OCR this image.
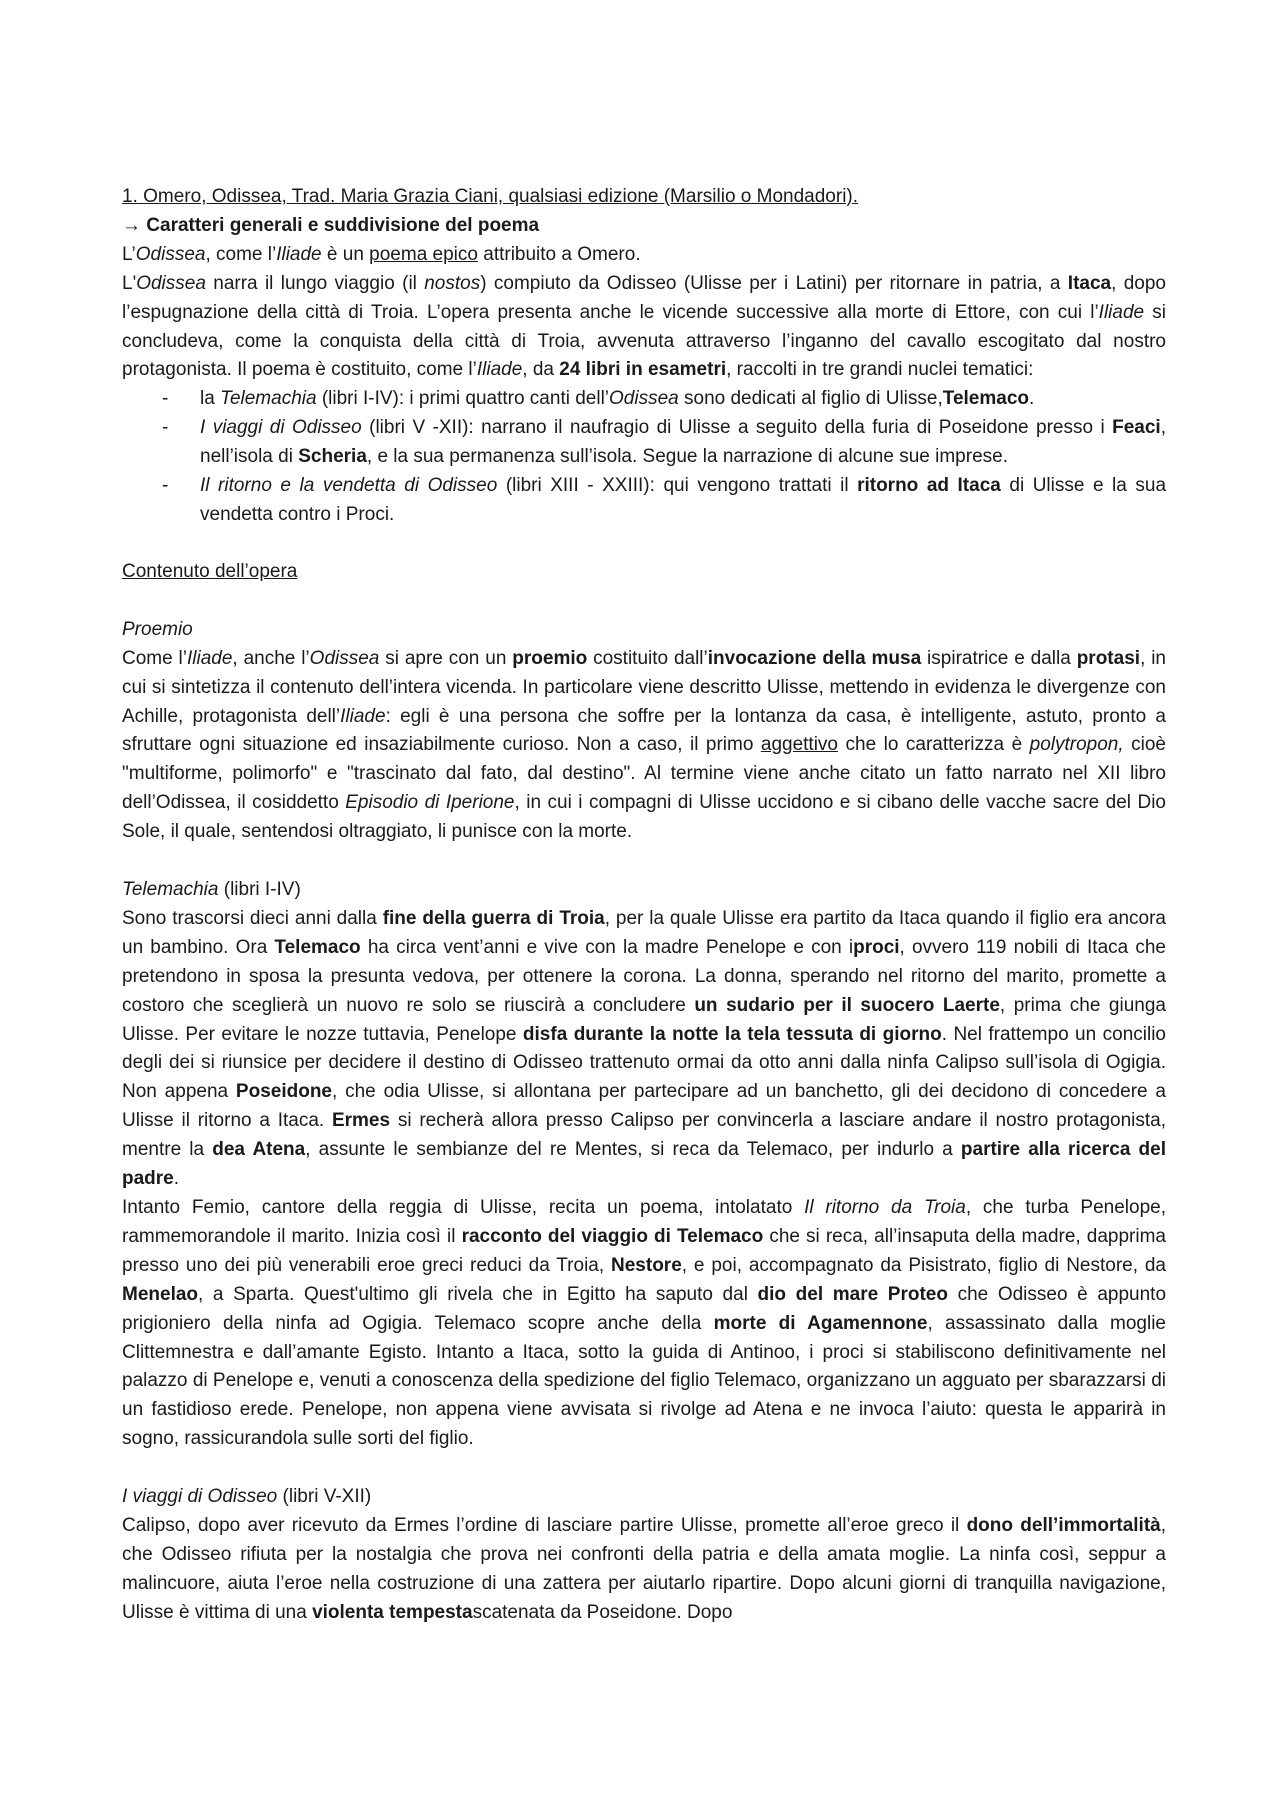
1. Omero, Odissea, Trad. Maria Grazia Ciani, qualsiasi edizione (Marsilio o Mondadori).

→ Caratteri generali e suddivisione del poema

L’Odissea, come l’Iliade è un poema epico attribuito a Omero.

L'Odissea narra il lungo viaggio (il nostos) compiuto da Odisseo (Ulisse per i Latini) per ritornare in patria, a Itaca, dopo l’espugnazione della città di Troia. L’opera presenta anche le vicende successive alla morte di Ettore, con cui l’Iliade si concludeva, come la conquista della città di Troia, avvenuta attraverso l’inganno del cavallo escogitato dal nostro protagonista. Il poema è costituito, come l’Iliade, da 24 libri in esametri, raccolti in tre grandi nuclei tematici:

- la Telemachia (libri I-IV): i primi quattro canti dell’Odissea sono dedicati al figlio di Ulisse,Telemaco.
- I viaggi di Odisseo (libri V -XII): narrano il naufragio di Ulisse a seguito della furia di Poseidone presso i Feaci, nell’isola di Scheria, e la sua permanenza sull’isola. Segue la narrazione di alcune sue imprese.
- Il ritorno e la vendetta di Odisseo (libri XIII - XXIII): qui vengono trattati il ritorno ad Itaca di Ulisse e la sua vendetta contro i Proci.

Contenuto dell’opera

Proemio

Come l’Iliade, anche l’Odissea si apre con un proemio costituito dall’invocazione della musa ispiratrice e dalla protasi, in cui si sintetizza il contenuto dell’intera vicenda. In particolare viene descritto Ulisse, mettendo in evidenza le divergenze con Achille, protagonista dell’Iliade: egli è una persona che soffre per la lontanza da casa, è intelligente, astuto, pronto a sfruttare ogni situazione ed insaziabilmente curioso. Non a caso, il primo aggettivo che lo caratterizza è polytropon, cioè "multiforme, polimorfo" e "trascinato dal fato, dal destino". Al termine viene anche citato un fatto narrato nel XII libro dell’Odissea, il cosiddetto Episodio di Iperione, in cui i compagni di Ulisse uccidono e si cibano delle vacche sacre del Dio Sole, il quale, sentendosi oltraggiato, li punisce con la morte.

Telemachia (libri I-IV)

Sono trascorsi dieci anni dalla fine della guerra di Troia, per la quale Ulisse era partito da Itaca quando il figlio era ancora un bambino. Ora Telemaco ha circa vent’anni e vive con la madre Penelope e con iproci, ovvero 119 nobili di Itaca che pretendono in sposa la presunta vedova, per ottenere la corona. La donna, sperando nel ritorno del marito, promette a costoro che sceglierà un nuovo re solo se riuscirà a concludere un sudario per il suocero Laerte, prima che giunga Ulisse. Per evitare le nozze tuttavia, Penelope disfa durante la notte la tela tessuta di giorno. Nel frattempo un concilio degli dei si riunsice per decidere il destino di Odisseo trattenuto ormai da otto anni dalla ninfa Calipso sull’isola di Ogigia. Non appena Poseidone, che odia Ulisse, si allontana per partecipare ad un banchetto, gli dei decidono di concedere a Ulisse il ritorno a Itaca. Ermes si recherà allora presso Calipso per convincerla a lasciare andare il nostro protagonista, mentre la dea Atena, assunte le sembianze del re Mentes, si reca da Telemaco, per indurlo a partire alla ricerca del padre.

Intanto Femio, cantore della reggia di Ulisse, recita un poema, intolatato Il ritorno da Troia, che turba Penelope, rammemorandole il marito. Inizia così il racconto del viaggio di Telemaco che si reca, all’insaputa della madre, dapprima presso uno dei più venerabili eroe greci reduci da Troia, Nestore, e poi, accompagnato da Pisistrato, figlio di Nestore, da Menelao, a Sparta. Quest'ultimo gli rivela che in Egitto ha saputo dal dio del mare Proteo che Odisseo è appunto prigioniero della ninfa ad Ogigia. Telemaco scopre anche della morte di Agamennone, assassinato dalla moglie Clittemnestra e dall’amante Egisto. Intanto a Itaca, sotto la guida di Antinoo, i proci si stabiliscono definitivamente nel palazzo di Penelope e, venuti a conoscenza della spedizione del figlio Telemaco, organizzano un agguato per sbarazzarsi di un fastidioso erede. Penelope, non appena viene avvisata si rivolge ad Atena e ne invoca l’aiuto: questa le apparirà in sogno, rassicurandola sulle sorti del figlio.

I viaggi di Odisseo (libri V-XII)

Calipso, dopo aver ricevuto da Ermes l’ordine di lasciare partire Ulisse, promette all’eroe greco il dono dell’immortalità, che Odisseo rifiuta per la nostalgia che prova nei confronti della patria e della amata moglie. La ninfa così, seppur a malincuore, aiuta l’eroe nella costruzione di una zattera per aiutarlo ripartire. Dopo alcuni giorni di tranquilla navigazione, Ulisse è vittima di una violenta tempestascatenata da Poseidone. Dopo
